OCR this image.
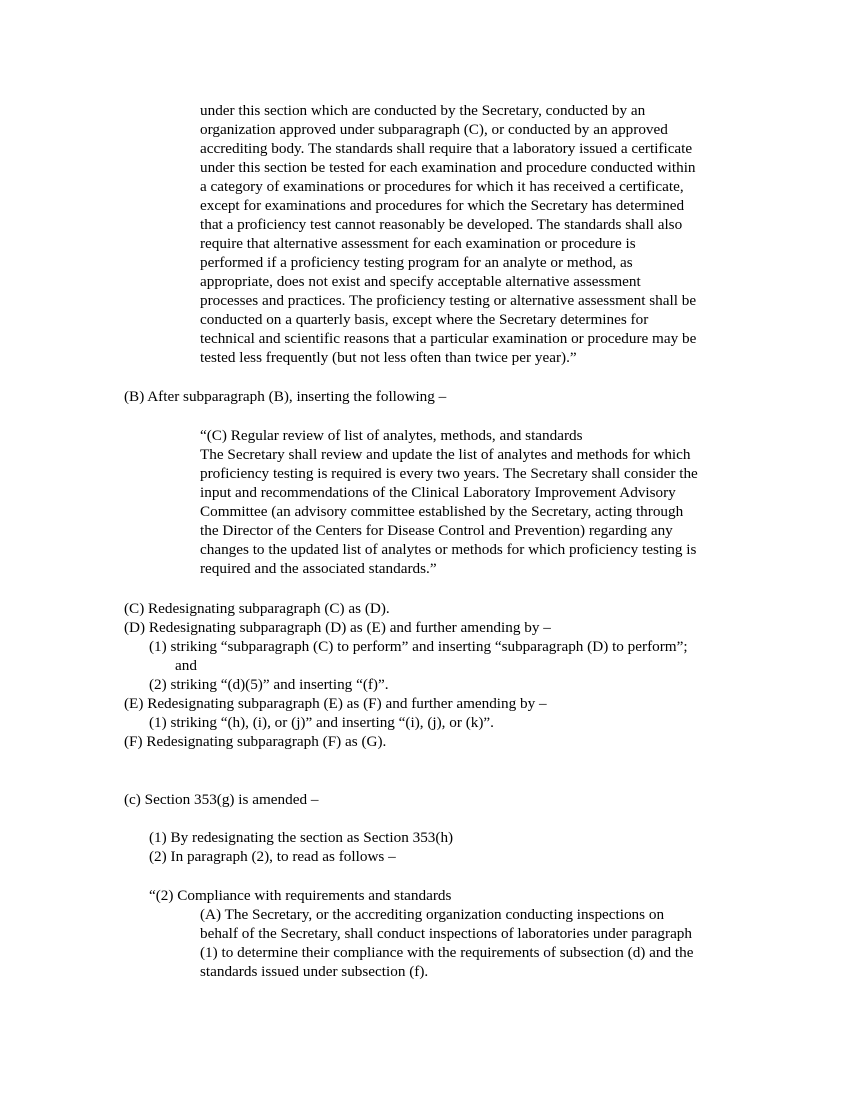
under this section which are conducted by the Secretary, conducted by an
organization approved under subparagraph (C), or conducted by an approved
accrediting body. The standards shall require that a laboratory issued a certificate
under this section be tested for each examination and procedure conducted within
a category of examinations or procedures for which it has received a certificate,
except for examinations and procedures for which the Secretary has determined
that a proficiency test cannot reasonably be developed. The standards shall also
require that alternative assessment for each examination or procedure is
performed if a proficiency testing program for an analyte or method, as
appropriate, does not exist and specify acceptable alternative assessment
processes and practices. The proficiency testing or alternative assessment shall be
conducted on a quarterly basis, except where the Secretary determines for
technical and scientific reasons that a particular examination or procedure may be
tested less frequently (but not less often than twice per year).”
(B) After subparagraph (B), inserting the following –
“(C) Regular review of list of analytes, methods, and standards
The Secretary shall review and update the list of analytes and methods for which
proficiency testing is required is every two years. The Secretary shall consider the
input and recommendations of the Clinical Laboratory Improvement Advisory
Committee (an advisory committee established by the Secretary, acting through
the Director of the Centers for Disease Control and Prevention) regarding any
changes to the updated list of analytes or methods for which proficiency testing is
required and the associated standards.”
(C) Redesignating subparagraph (C) as (D).
(D) Redesignating subparagraph (D) as (E) and further amending by –
(1) striking “subparagraph (C) to perform” and inserting “subparagraph (D) to perform”;
and
(2) striking “(d)(5)” and inserting “(f)”.
(E) Redesignating subparagraph (E) as (F) and further amending by –
(1) striking “(h), (i), or (j)” and inserting “(i), (j), or (k)”.
(F) Redesignating subparagraph (F) as (G).
(c) Section 353(g) is amended –
(1) By redesignating the section as Section 353(h)
(2) In paragraph (2), to read as follows –
“(2) Compliance with requirements and standards
(A) The Secretary, or the accrediting organization conducting inspections on
behalf of the Secretary, shall conduct inspections of laboratories under paragraph
(1) to determine their compliance with the requirements of subsection (d) and the
standards issued under subsection (f).
